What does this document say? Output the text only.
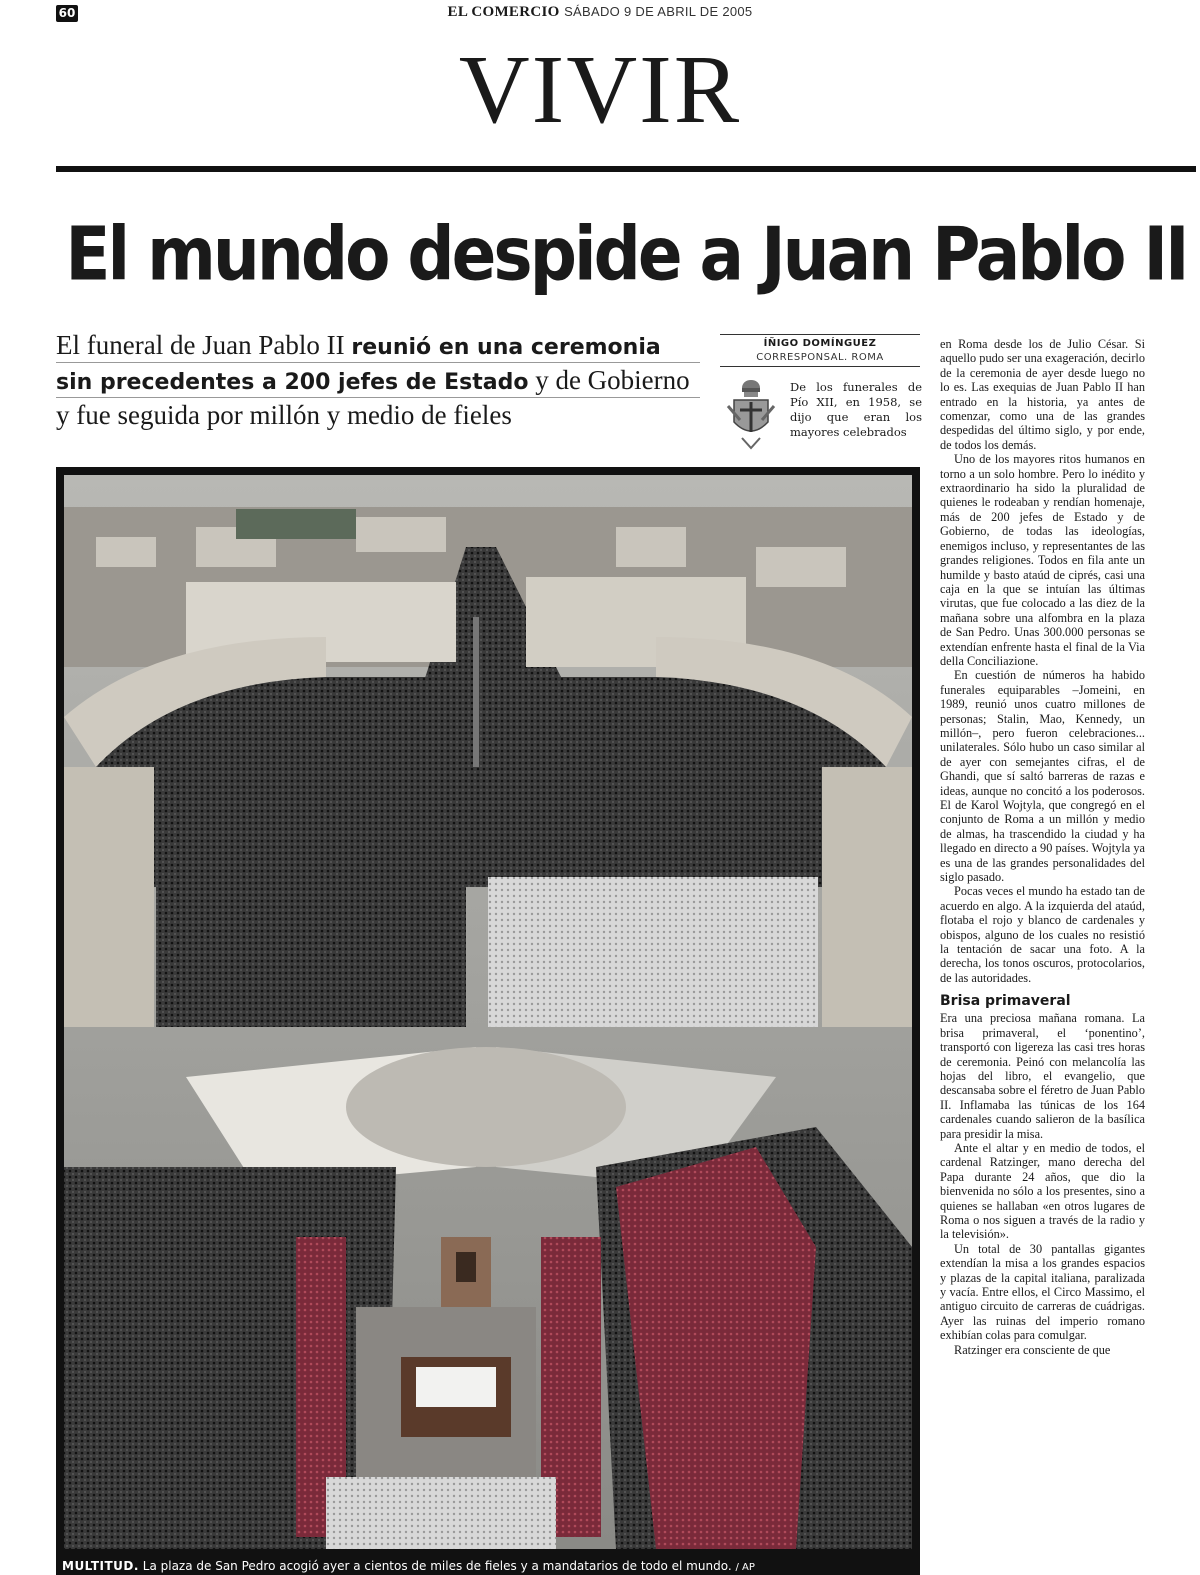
60	EL COMERCIO SÁBADO 9 DE ABRIL DE 2005
VIVIR
El mundo despide a Juan Pablo II
El funeral de Juan Pablo II reunió en una ceremonia
sin precedentes a 200 jefes de Estado y de Gobierno
y fue seguida por millón y medio de fieles
ÍÑIGO DOMÍNGUEZ
CORRESPONSAL. ROMA
De los funerales de Pío XII, en 1958, se dijo que eran los mayores celebrados
MULTITUD. La plaza de San Pedro acogió ayer a cientos de miles de fieles y a mandatarios de todo el mundo. / AP

en Roma desde los de Julio César. Si aquello pudo ser una exageración, decirlo de la ceremonia de ayer desde luego no lo es. Las exequias de Juan Pablo II han entrado en la historia, ya antes de comenzar, como una de las grandes despedidas del último siglo, y por ende, de todos los demás.

Uno de los mayores ritos humanos en torno a un solo hombre. Pero lo inédito y extraordinario ha sido la pluralidad de quienes le rodeaban y rendían homenaje, más de 200 jefes de Estado y de Gobierno, de todas las ideologías, enemigos incluso, y representantes de las grandes religiones. Todos en fila ante un humilde y basto ataúd de ciprés, casi una caja en la que se intuían las últimas virutas, que fue colocado a las diez de la mañana sobre una alfombra en la plaza de San Pedro. Unas 300.000 personas se extendían enfrente hasta el final de la Via della Conciliazione.

En cuestión de números ha habido funerales equiparables –Jomeini, en 1989, reunió unos cuatro millones de personas; Stalin, Mao, Kennedy, un millón–, pero fueron celebraciones... unilaterales. Sólo hubo un caso similar al de ayer con semejantes cifras, el de Ghandi, que sí saltó barreras de razas e ideas, aunque no concitó a los poderosos. El de Karol Wojtyla, que congregó en el conjunto de Roma a un millón y medio de almas, ha trascendido la ciudad y ha llegado en directo a 90 países. Wojtyla ya es una de las grandes personalidades del siglo pasado.

Pocas veces el mundo ha estado tan de acuerdo en algo. A la izquierda del ataúd, flotaba el rojo y blanco de cardenales y obispos, alguno de los cuales no resistió la tentación de sacar una foto. A la derecha, los tonos oscuros, protocolarios, de las autoridades.

Brisa primaveral

Era una preciosa mañana romana. La brisa primaveral, el ‘ponentino’, transportó con ligereza las casi tres horas de ceremonia. Peinó con melancolía las hojas del libro, el evangelio, que descansaba sobre el féretro de Juan Pablo II. Inflamaba las túnicas de los 164 cardenales cuando salieron de la basílica para presidir la misa.

Ante el altar y en medio de todos, el cardenal Ratzinger, mano derecha del Papa durante 24 años, que dio la bienvenida no sólo a los presentes, sino a quienes se hallaban «en otros lugares de Roma o nos siguen a través de la radio y la televisión».

Un total de 30 pantallas gigantes extendían la misa a los grandes espacios y plazas de la capital italiana, paralizada y vacía. Entre ellos, el Circo Massimo, el antiguo circuito de carreras de cuádrigas. Ayer las ruinas del imperio romano exhibían colas para comulgar.

Ratzinger era consciente de que
